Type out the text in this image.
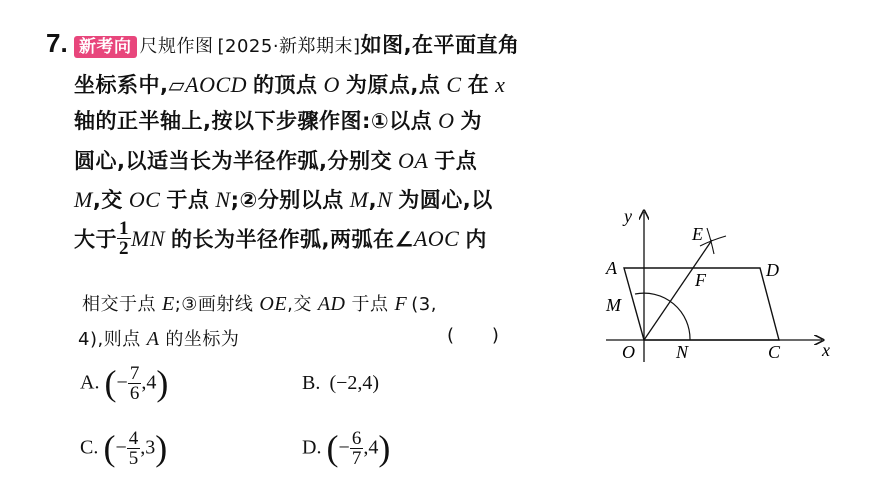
7. 新考向 尺规作图 [2025·新郑期末]如图,在平面直角
坐标系中,▱AOCD 的顶点 O 为原点,点 C 在 x
轴的正半轴上,按以下步骤作图:①以点 O 为
圆心,以适当长为半径作弧,分别交 OA 于点
M,交 OC 于点 N;②分别以点 M,N 为圆心,以
大于 $\frac{1}{2}$ MN 的长为半径作弧,两弧在∠AOC 内
相交于点 E;③画射线 OE,交 AD 于点 F (3,
4),则点 A 的坐标为	(      )
A. (− $\frac{7}{6} ,4$)	B. (−2,4)
C. (− $\frac{4}{5} ,3$)	D. (− $\frac{6}{7} ,4$)
y
x
E
A	D
F
M
O N	C
